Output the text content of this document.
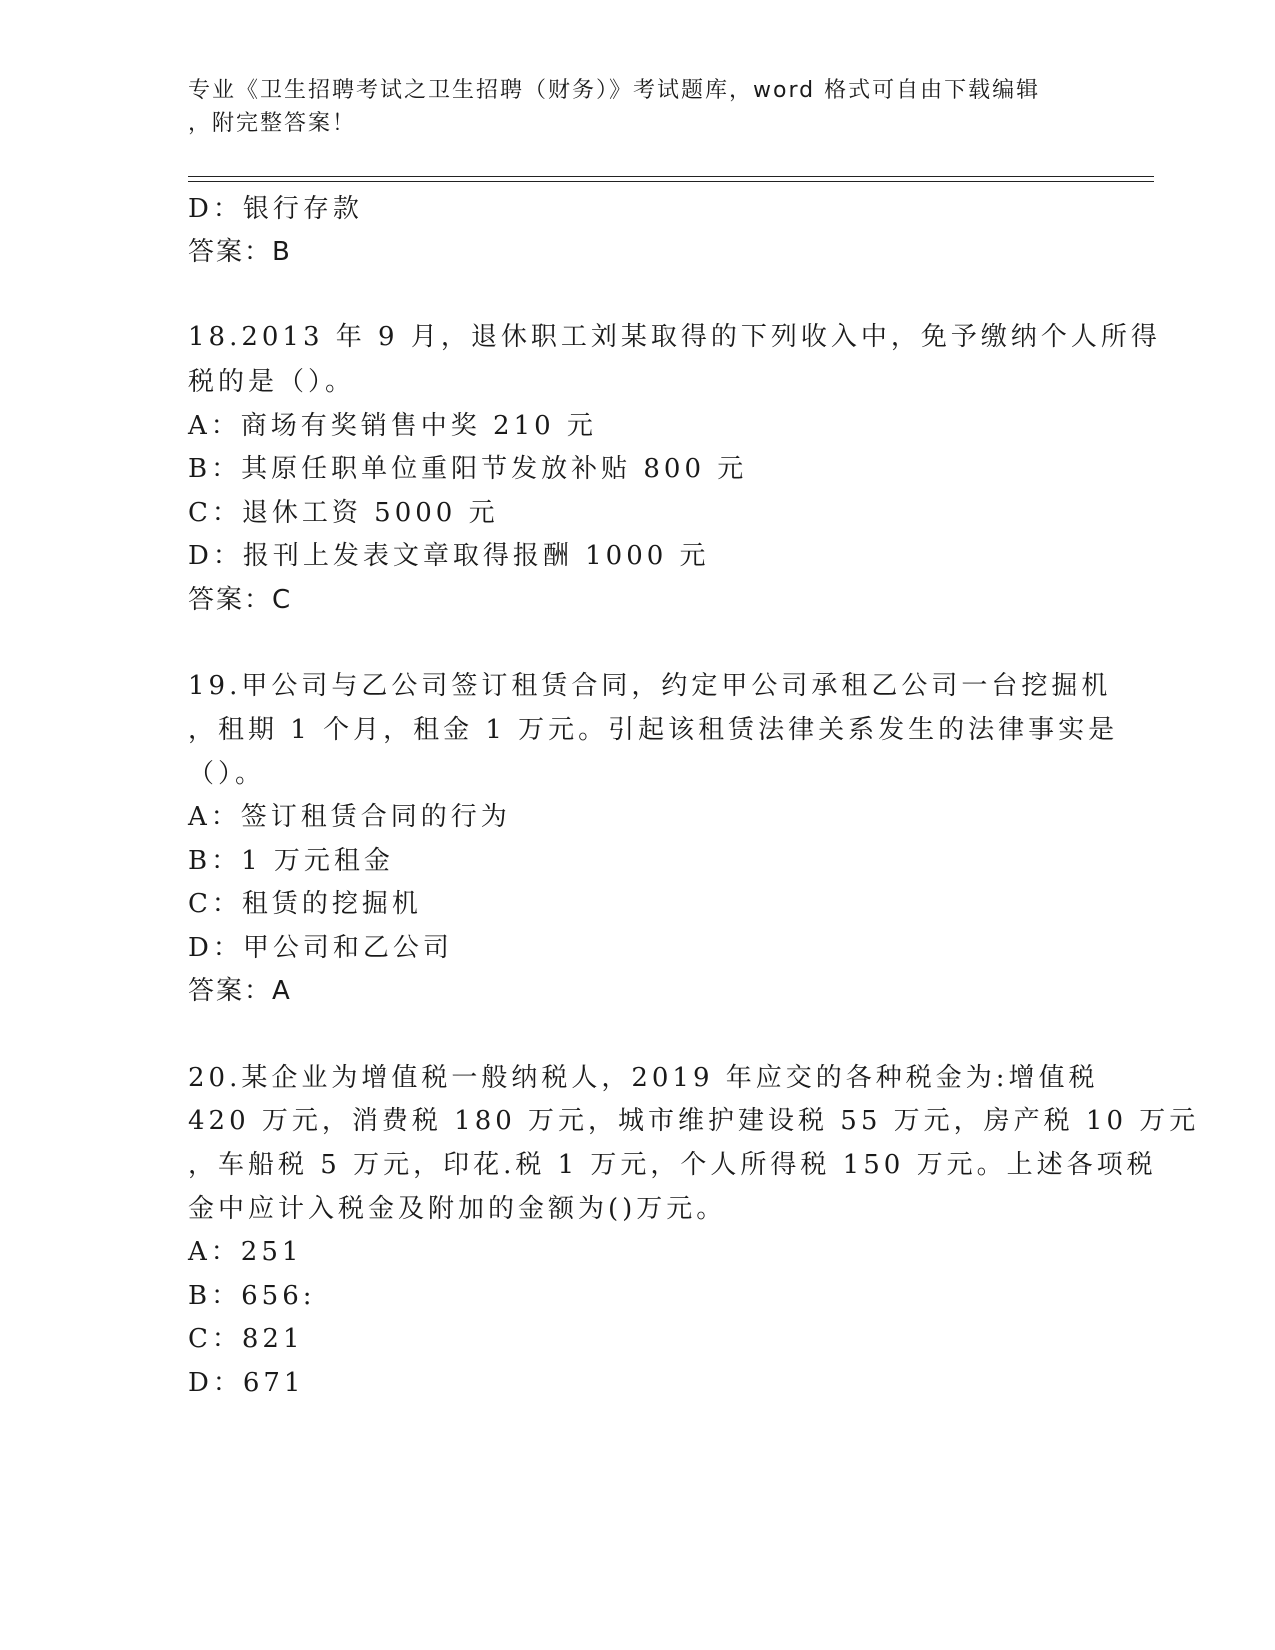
专业《卫生招聘考试之卫生招聘（财务）》考试题库，word 格式可自由下载编辑
，附完整答案！
D：银行存款
答案：B
18.2013 年 9 月，退休职工刘某取得的下列收入中，免予缴纳个人所得
税的是（）。
A：商场有奖销售中奖 210 元
B：其原任职单位重阳节发放补贴 800 元
C：退休工资 5000 元
D：报刊上发表文章取得报酬 1000 元
答案：C
19.甲公司与乙公司签订租赁合同，约定甲公司承租乙公司一台挖掘机
，租期 1 个月，租金 1 万元。引起该租赁法律关系发生的法律事实是
（）。
A：签订租赁合同的行为
B：1 万元租金
C：租赁的挖掘机
D：甲公司和乙公司
答案：A
20.某企业为增值税一般纳税人，2019 年应交的各种税金为:增值税
420 万元，消费税 180 万元，城市维护建设税 55 万元，房产税 10 万元
，车船税 5 万元，印花.税 1 万元，个人所得税 150 万元。上述各项税
金中应计入税金及附加的金额为()万元。
A：251
B：656:
C：821
D：671
